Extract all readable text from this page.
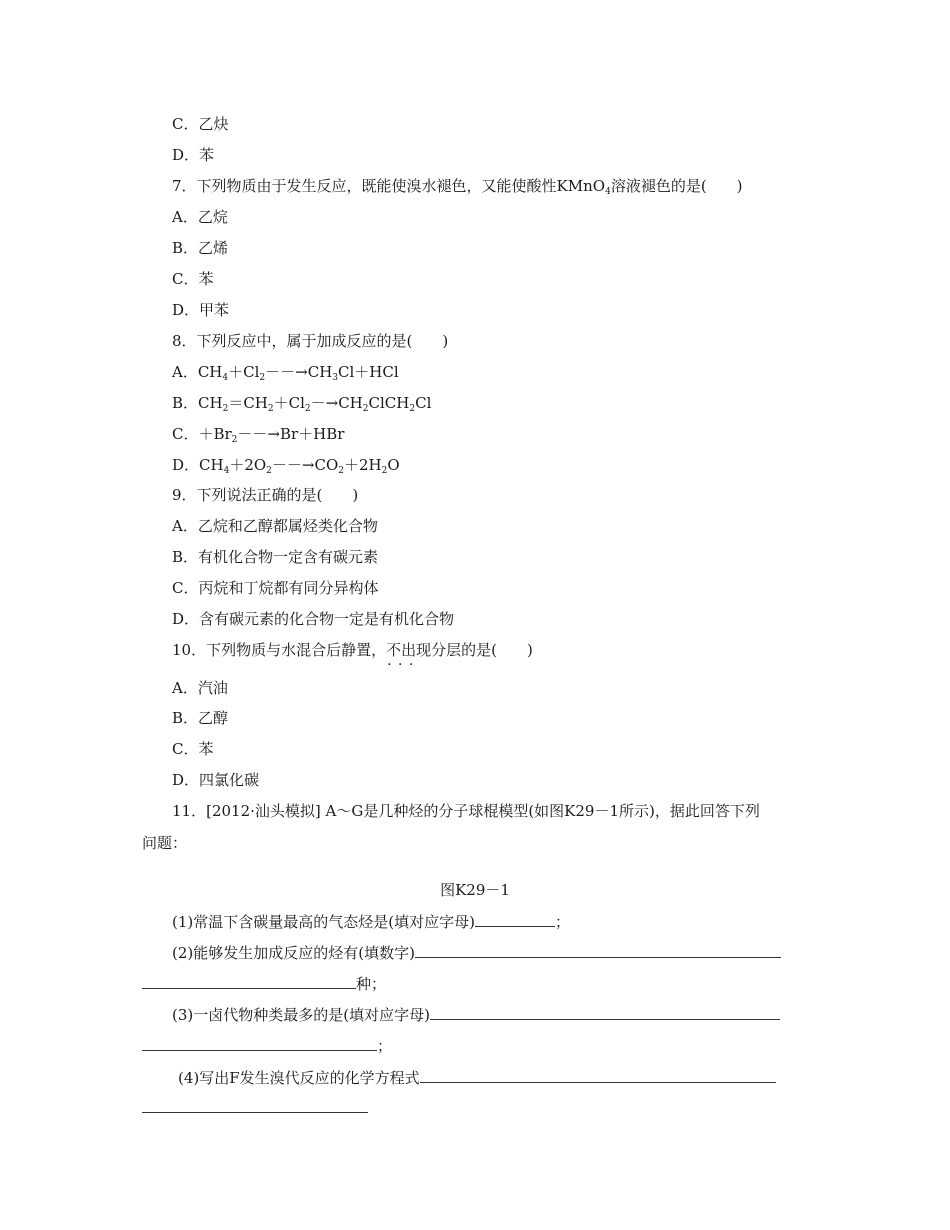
C．乙炔
D．苯
7．下列物质由于发生反应，既能使溴水褪色，又能使酸性KMnO$_4$溶液褪色的是(　　)
A．乙烷
B．乙烯
C．苯
D．甲苯
8．下列反应中，属于加成反应的是(　　)
A．$CH_4+Cl_2--\to CH_3Cl+HCl$
B．$CH_2=CH_2+Cl_2-\to CH_2ClCH_2Cl$
C．$+Br_2--\to Br+HBr$
D．$CH_4+2O_2--\to CO_2+2H_2O$
9．下列说法正确的是(　　)
A．乙烷和乙醇都属烃类化合物
B．有机化合物一定含有碳元素
C．丙烷和丁烷都有同分异构体
D．含有碳元素的化合物一定是有机化合物
10．下列物质与水混合后静置，不出现 · · ·分层的是(　　)
A．汽油
B．乙醇
C．苯
D．四氯化碳
11．[2012·汕头模拟] A～G是几种烃的分子球棍模型(如图K29－1所示)，据此回答下列
问题：
图K29－1
(1)常温下含碳量最高的气态烃是(填对应字母)	；
(2)能够发生加成反应的烃有(填数字)
种；
(3)一卤代物种类最多的是(填对应字母)
；
(4)写出F发生溴代反应的化学方程式
